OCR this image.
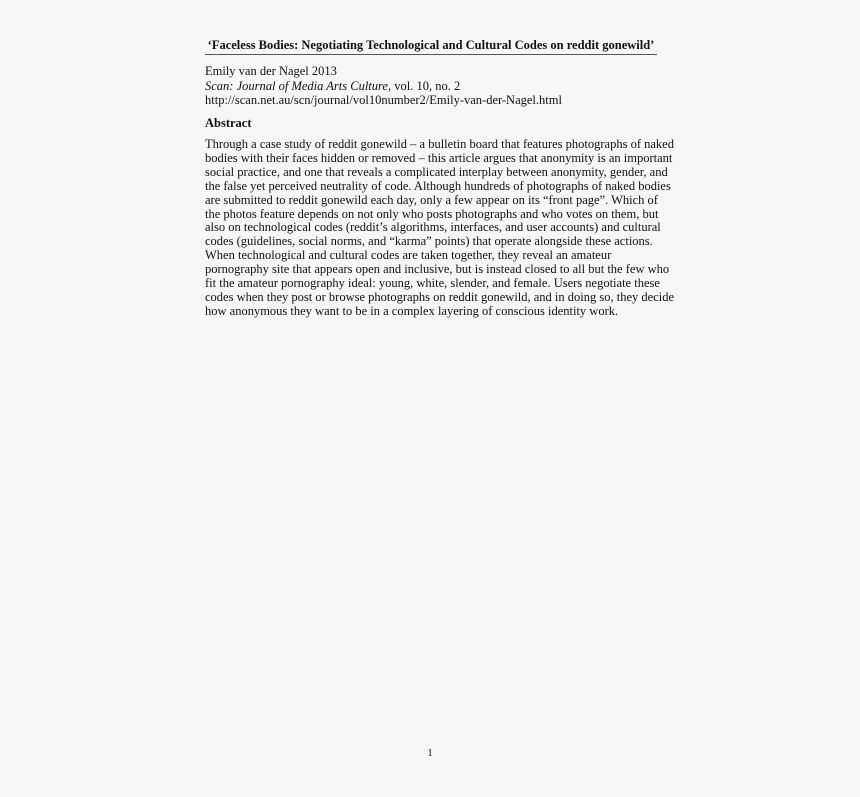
‘Faceless Bodies: Negotiating Technological and Cultural Codes on reddit gonewild’
Emily van der Nagel 2013
Scan: Journal of Media Arts Culture, vol. 10, no. 2
http://scan.net.au/scn/journal/vol10number2/Emily-van-der-Nagel.html
Abstract
Through a case study of reddit gonewild – a bulletin board that features photographs of naked
bodies with their faces hidden or removed – this article argues that anonymity is an important
social practice, and one that reveals a complicated interplay between anonymity, gender, and
the false yet perceived neutrality of code. Although hundreds of photographs of naked bodies
are submitted to reddit gonewild each day, only a few appear on its “front page”. Which of
the photos feature depends on not only who posts photographs and who votes on them, but
also on technological codes (reddit’s algorithms, interfaces, and user accounts) and cultural
codes (guidelines, social norms, and “karma” points) that operate alongside these actions.
When technological and cultural codes are taken together, they reveal an amateur
pornography site that appears open and inclusive, but is instead closed to all but the few who
fit the amateur pornography ideal: young, white, slender, and female. Users negotiate these
codes when they post or browse photographs on reddit gonewild, and in doing so, they decide
how anonymous they want to be in a complex layering of conscious identity work.
1
